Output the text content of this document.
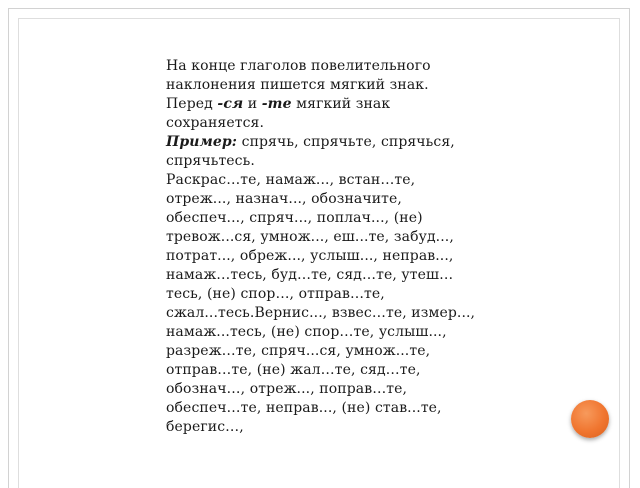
На конце глаголов повелительного наклонения пишется мягкий знак. Перед -ся и -те мягкий знак сохраняется.

Пример: спрячь, спрячьте, спрячься,
спрячьтесь.

Раскрас…те, намаж..., встан…те, отреж..., назнач..., обозначите, обеспеч..., спряч..., поплач..., (не) тревож...ся, умнож..., еш...те, забуд..., потрат..., обреж..., услыш..., неправ..., намаж…тесь, буд…те, сяд…те, утеш…тесь, (не) спор…, отправ…те, сжал...тесь.Вернис..., взвес…те, измер..., намаж...тесь, (не) спор…те, услыш..., разреж…те, спряч...ся, умнож...те, отправ…те, (не) жал…те, сяд…те, обознач…, отреж..., поправ…те, обеспеч…те, неправ..., (не) став...те, берегис…,
